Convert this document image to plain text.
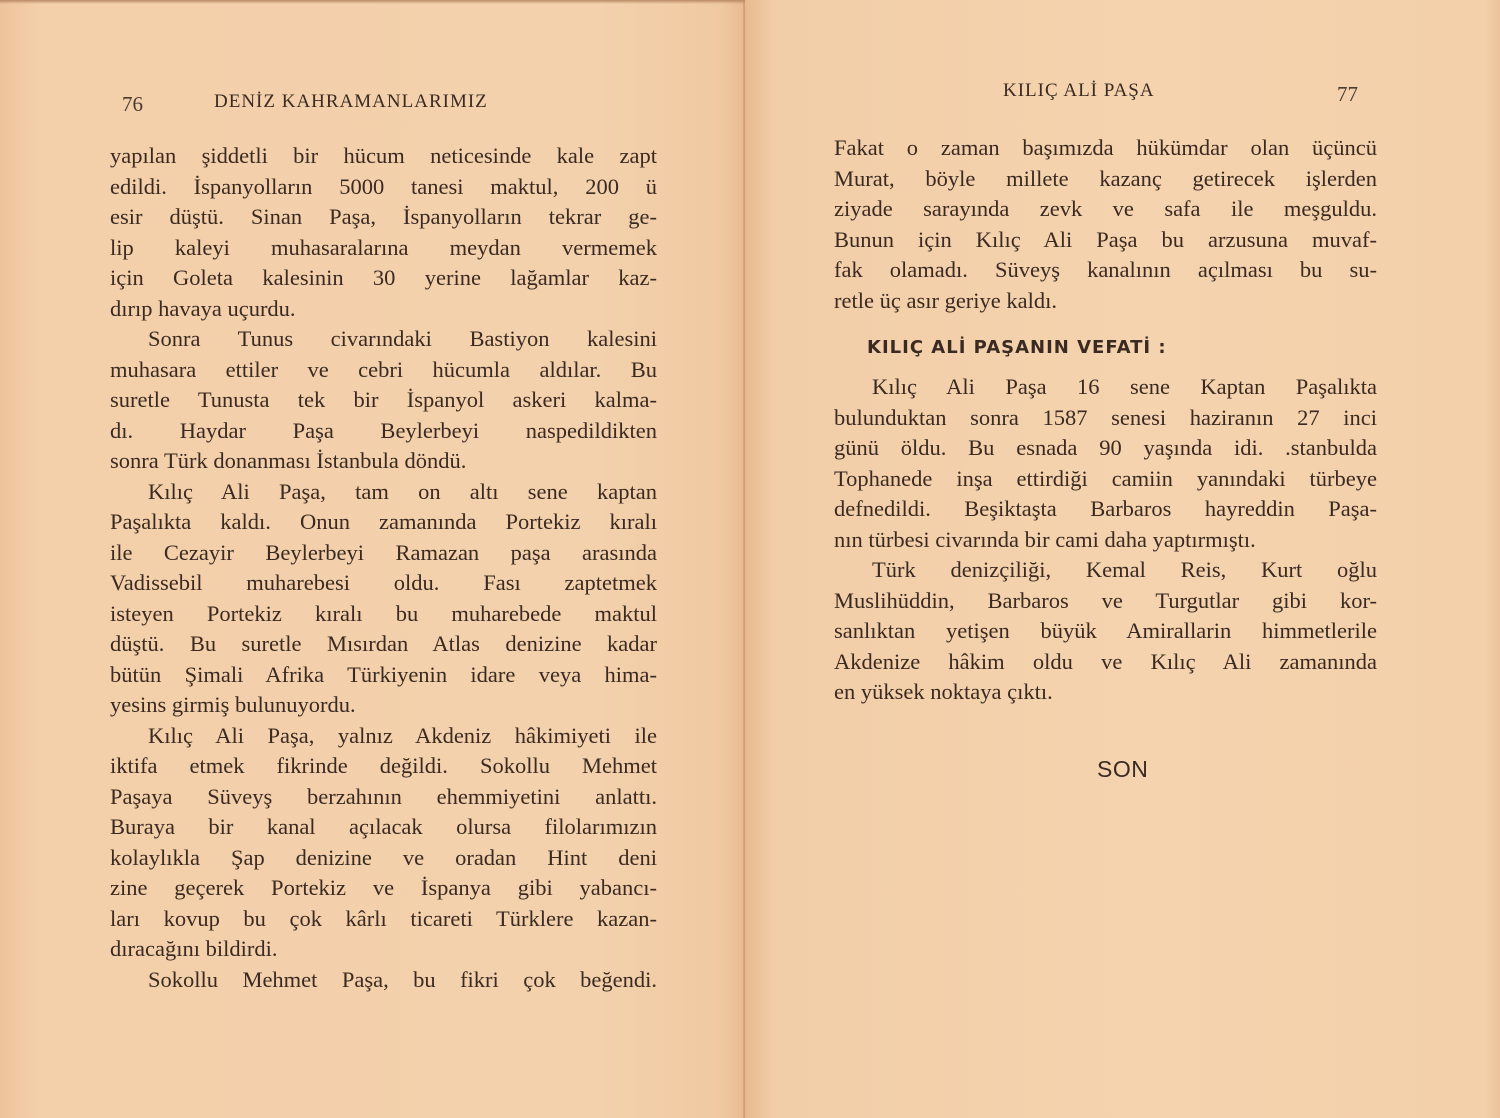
76	DENİZ KAHRAMANLARIMIZ

yapılan şiddetli bir hücum neticesinde kale zapt
edildi. İspanyolların 5000 tanesi maktul, 200 ü
esir düştü. Sinan Paşa, İspanyolların tekrar ge-
lip kaleyi muhasaralarına meydan vermemek
için Goleta kalesinin 30 yerine lağamlar kaz-
dırıp havaya uçurdu.

Sonra Tunus civarındaki Bastiyon kalesini
muhasara ettiler ve cebri hücumla aldılar. Bu
suretle Tunusta tek bir İspanyol askeri kalma-
dı. Haydar Paşa Beylerbeyi naspedildikten
sonra Türk donanması İstanbula döndü.

Kılıç Ali Paşa, tam on altı sene kaptan
Paşalıkta kaldı. Onun zamanında Portekiz kıralı
ile Cezayir Beylerbeyi Ramazan paşa arasında
Vadissebil muharebesi oldu. Fası zaptetmek
isteyen Portekiz kıralı bu muharebede maktul
düştü. Bu suretle Mısırdan Atlas denizine kadar
bütün Şimali Afrika Türkiyenin idare veya hima-
yesins girmiş bulunuyordu.

Kılıç Ali Paşa, yalnız Akdeniz hâkimiyeti ile
iktifa etmek fikrinde değildi. Sokollu Mehmet
Paşaya Süveyş berzahının ehemmiyetini anlattı.
Buraya bir kanal açılacak olursa filolarımızın
kolaylıkla Şap denizine ve oradan Hint deni
zine geçerek Portekiz ve İspanya gibi yabancı-
ları kovup bu çok kârlı ticareti Türklere kazan-
dıracağını bildirdi.

Sokollu Mehmet Paşa, bu fikri çok beğendi.

KILIÇ ALİ PAŞA	77

Fakat o zaman başımızda hükümdar olan üçüncü
Murat, böyle millete kazanç getirecek işlerden
ziyade sarayında zevk ve safa ile meşguldu.
Bunun için Kılıç Ali Paşa bu arzusuna muvaf-
fak olamadı. Süveyş kanalının açılması bu su-
retle üç asır geriye kaldı.

KILIÇ ALİ PAŞANIN VEFATİ :

Kılıç Ali Paşa 16 sene Kaptan Paşalıkta
bulunduktan sonra 1587 senesi haziranın 27 inci
günü öldu. Bu esnada 90 yaşında idi. .stanbulda
Tophanede inşa ettirdiği camiin yanındaki türbeye
defnedildi. Beşiktaşta Barbaros hayreddin Paşa-
nın türbesi civarında bir cami daha yaptırmıştı.

Türk denizçiliği, Kemal Reis, Kurt oğlu
Muslihüddin, Barbaros ve Turgutlar gibi kor-
sanlıktan yetişen büyük Amirallarin himmetlerile
Akdenize hâkim oldu ve Kılıç Ali zamanında
en yüksek noktaya çıktı.

SON
